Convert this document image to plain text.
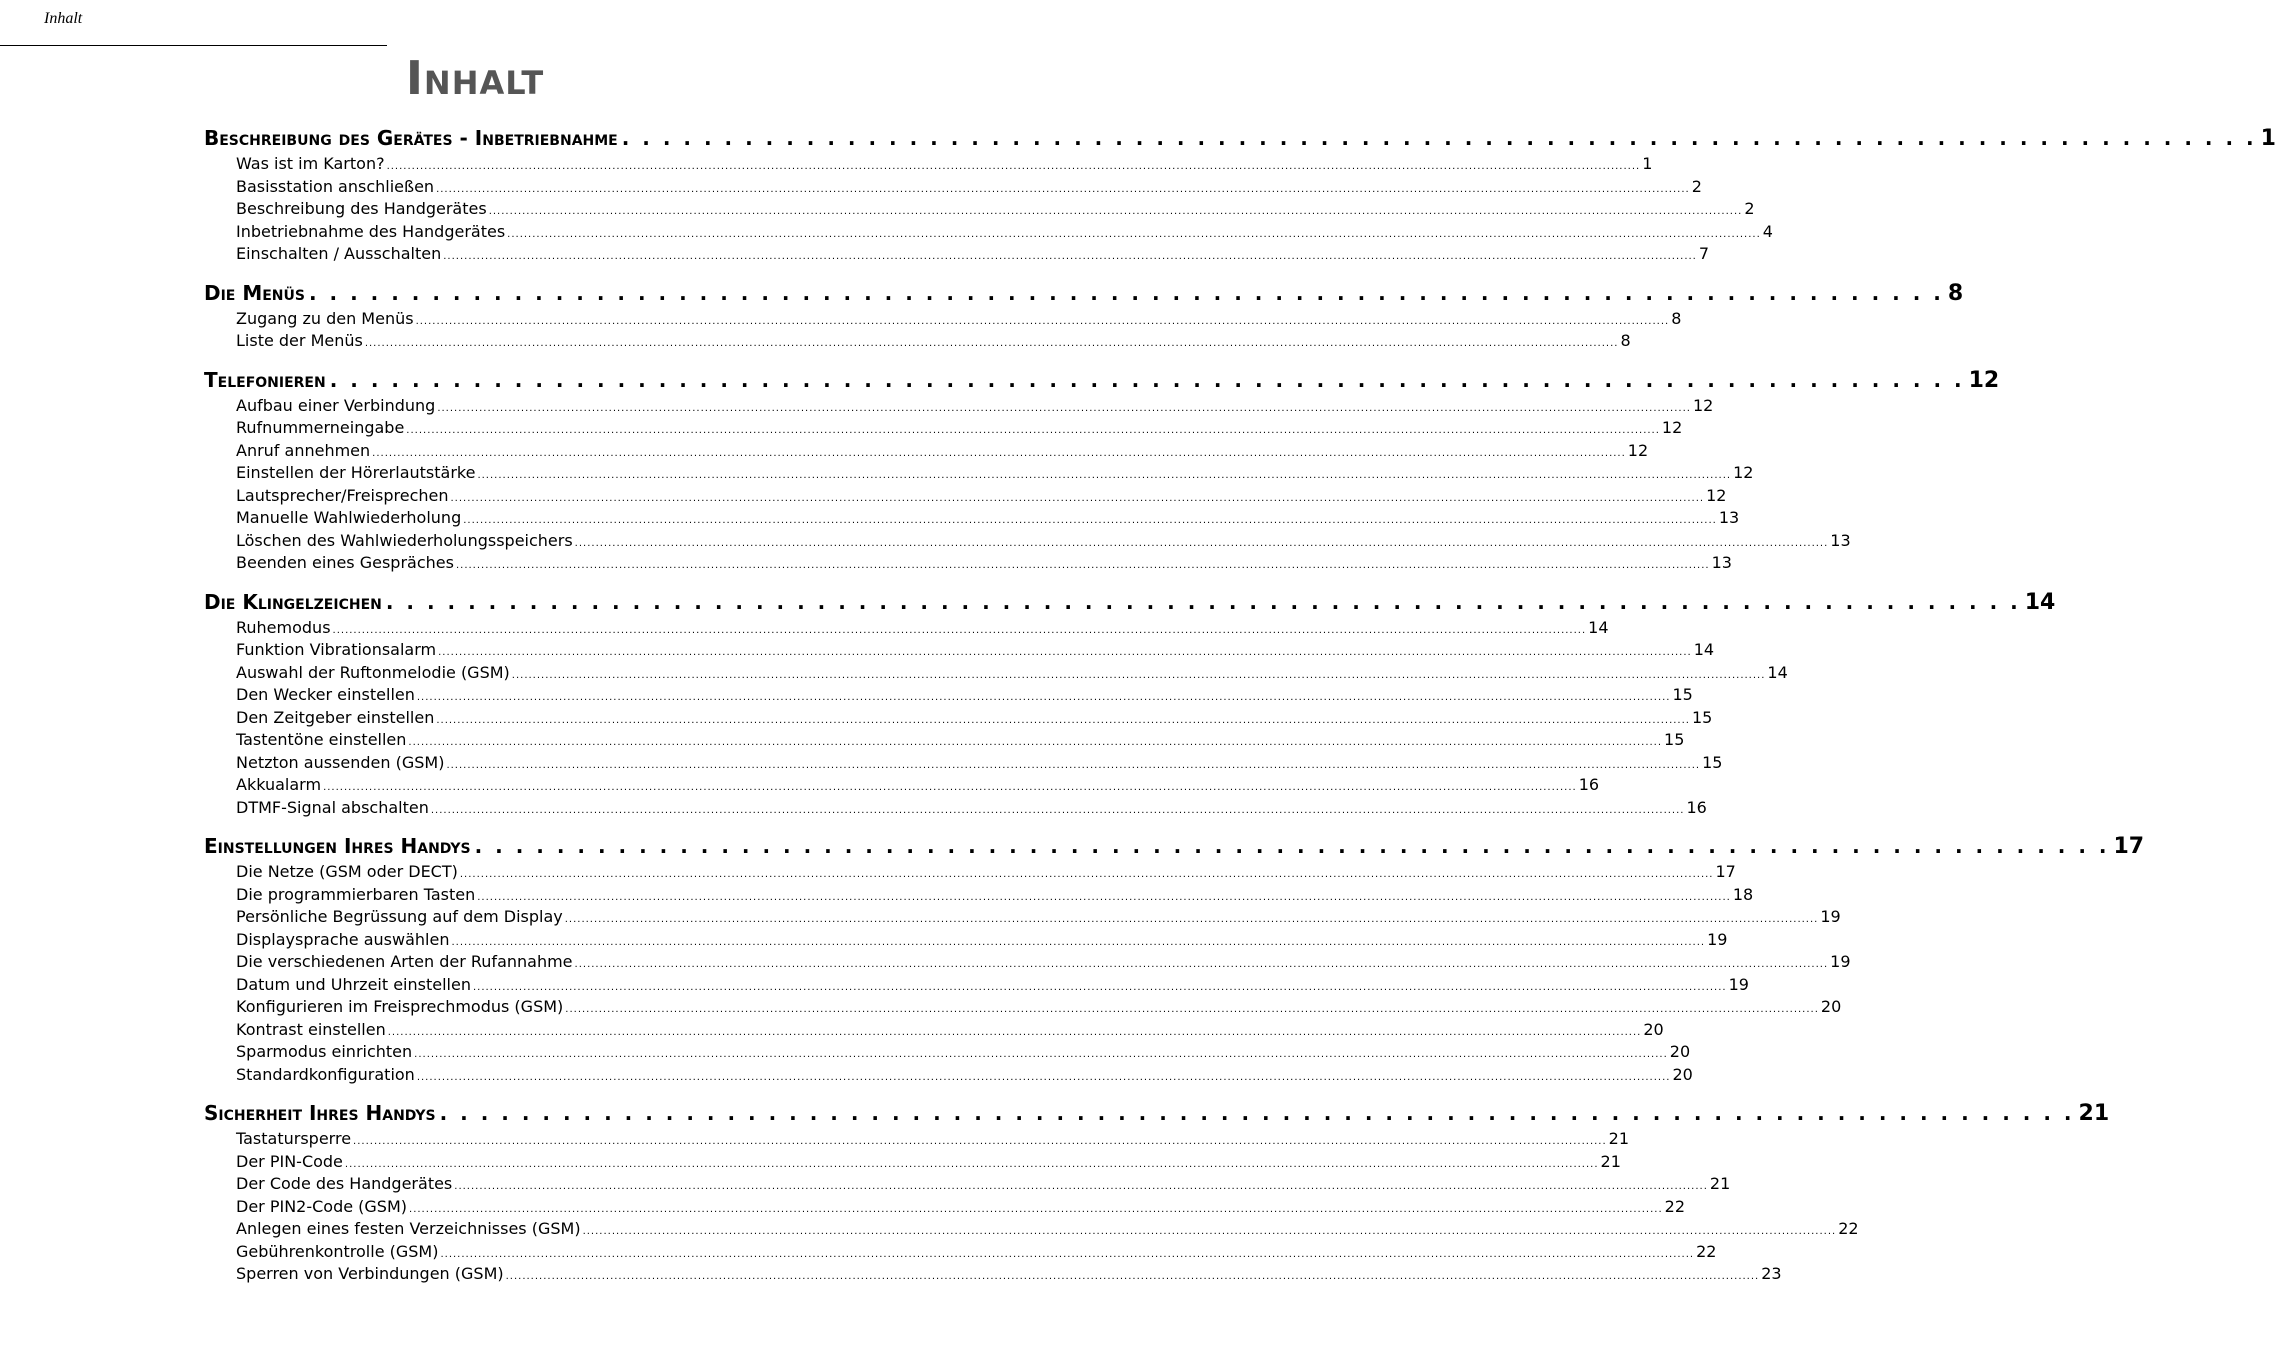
Inhalt
Inhalt
Beschreibung des Gerätes - Inbetriebnahme . . . . . . . . . . . . . . . . . . . . . . . . . . . . . . . . . . . . . . . . . . . . . . . . . . . . . . . . . . . . . . . . . . . . . . . . . . . . . . . . 1
Was ist im Karton? ............................................................................................................................................................................................................................................................................................................ 1
Basisstation anschließen ............................................................................................................................................................................................................................................................................................................ 2
Beschreibung des Handgerätes ............................................................................................................................................................................................................................................................................................................ 2
Inbetriebnahme des Handgerätes ............................................................................................................................................................................................................................................................................................................ 4
Einschalten / Ausschalten ............................................................................................................................................................................................................................................................................................................ 7
Die Menüs . . . . . . . . . . . . . . . . . . . . . . . . . . . . . . . . . . . . . . . . . . . . . . . . . . . . . . . . . . . . . . . . . . . . . . . . . . . . . . . . 8
Zugang zu den Menüs ............................................................................................................................................................................................................................................................................................................ 8
Liste der Menüs ............................................................................................................................................................................................................................................................................................................ 8
Telefonieren . . . . . . . . . . . . . . . . . . . . . . . . . . . . . . . . . . . . . . . . . . . . . . . . . . . . . . . . . . . . . . . . . . . . . . . . . . . . . . . . 12
Aufbau einer Verbindung ............................................................................................................................................................................................................................................................................................................ 12
Rufnummerneingabe ............................................................................................................................................................................................................................................................................................................ 12
Anruf annehmen ............................................................................................................................................................................................................................................................................................................ 12
Einstellen der Hörerlautstärke ............................................................................................................................................................................................................................................................................................................ 12
Lautsprecher/Freisprechen ............................................................................................................................................................................................................................................................................................................ 12
Manuelle Wahlwiederholung ............................................................................................................................................................................................................................................................................................................ 13
Löschen des Wahlwiederholungsspeichers ............................................................................................................................................................................................................................................................................................................ 13
Beenden eines Gespräches ............................................................................................................................................................................................................................................................................................................ 13
Die Klingelzeichen . . . . . . . . . . . . . . . . . . . . . . . . . . . . . . . . . . . . . . . . . . . . . . . . . . . . . . . . . . . . . . . . . . . . . . . . . . . . . . . . 14
Ruhemodus ............................................................................................................................................................................................................................................................................................................ 14
Funktion Vibrationsalarm ............................................................................................................................................................................................................................................................................................................ 14
Auswahl der Ruftonmelodie (GSM) ............................................................................................................................................................................................................................................................................................................ 14
Den Wecker einstellen ............................................................................................................................................................................................................................................................................................................ 15
Den Zeitgeber einstellen ............................................................................................................................................................................................................................................................................................................ 15
Tastentöne einstellen ............................................................................................................................................................................................................................................................................................................ 15
Netzton aussenden (GSM) ............................................................................................................................................................................................................................................................................................................ 15
Akkualarm ............................................................................................................................................................................................................................................................................................................ 16
DTMF-Signal abschalten ............................................................................................................................................................................................................................................................................................................ 16
Einstellungen Ihres Handys . . . . . . . . . . . . . . . . . . . . . . . . . . . . . . . . . . . . . . . . . . . . . . . . . . . . . . . . . . . . . . . . . . . . . . . . . . . . . . . . 17
Die Netze (GSM oder DECT) ............................................................................................................................................................................................................................................................................................................ 17
Die programmierbaren Tasten ............................................................................................................................................................................................................................................................................................................ 18
Persönliche Begrüssung auf dem Display ............................................................................................................................................................................................................................................................................................................ 19
Displaysprache auswählen ............................................................................................................................................................................................................................................................................................................ 19
Die verschiedenen Arten der Rufannahme ............................................................................................................................................................................................................................................................................................................ 19
Datum und Uhrzeit einstellen ............................................................................................................................................................................................................................................................................................................ 19
Konfigurieren im Freisprechmodus (GSM) ............................................................................................................................................................................................................................................................................................................ 20
Kontrast einstellen ............................................................................................................................................................................................................................................................................................................ 20
Sparmodus einrichten ............................................................................................................................................................................................................................................................................................................ 20
Standardkonfiguration ............................................................................................................................................................................................................................................................................................................ 20
Sicherheit Ihres Handys . . . . . . . . . . . . . . . . . . . . . . . . . . . . . . . . . . . . . . . . . . . . . . . . . . . . . . . . . . . . . . . . . . . . . . . . . . . . . . . . 21
Tastatursperre ............................................................................................................................................................................................................................................................................................................ 21
Der PIN-Code ............................................................................................................................................................................................................................................................................................................ 21
Der Code des Handgerätes ............................................................................................................................................................................................................................................................................................................ 21
Der PIN2-Code (GSM) ............................................................................................................................................................................................................................................................................................................ 22
Anlegen eines festen Verzeichnisses (GSM) ............................................................................................................................................................................................................................................................................................................ 22
Gebührenkontrolle (GSM) ............................................................................................................................................................................................................................................................................................................ 22
Sperren von Verbindungen (GSM) ............................................................................................................................................................................................................................................................................................................ 23
